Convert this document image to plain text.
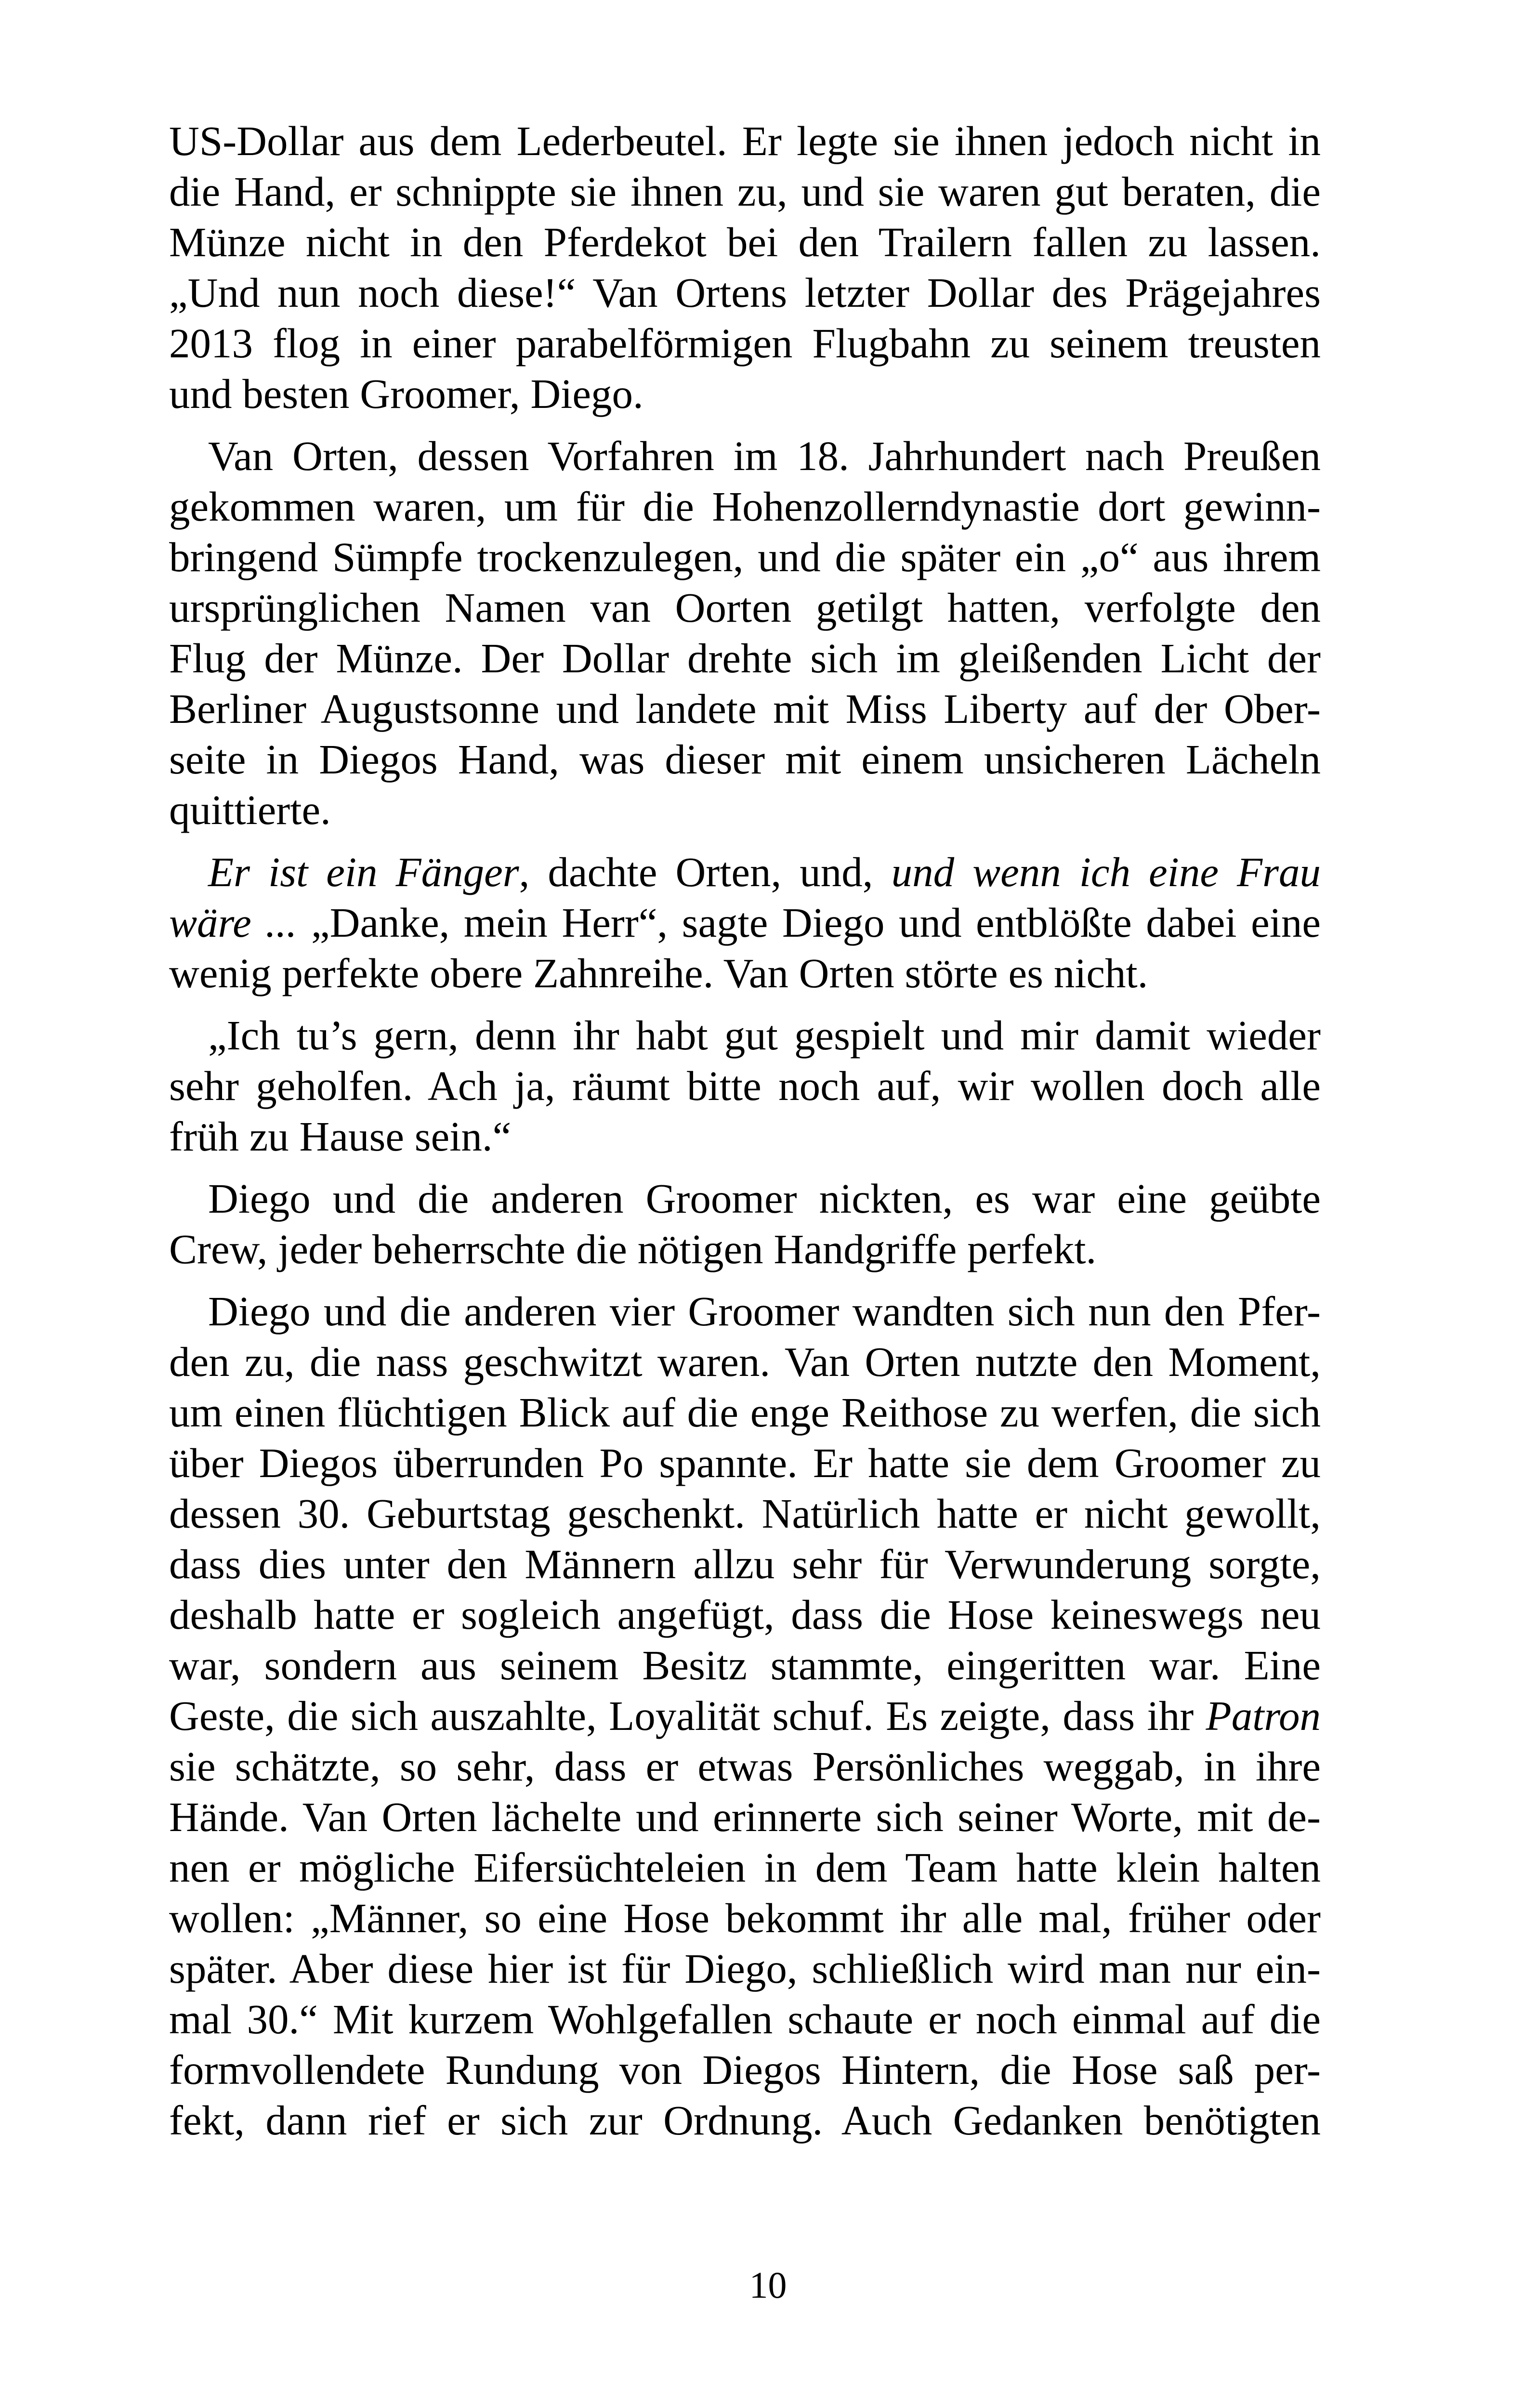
US-Dollar aus dem Lederbeutel. Er legte sie ihnen jedoch nicht in
die Hand, er schnippte sie ihnen zu, und sie waren gut beraten, die
Münze nicht in den Pferdekot bei den Trailern fallen zu lassen.
„Und nun noch diese!“ Van Ortens letzter Dollar des Prägejahres
2013 flog in einer parabelförmigen Flugbahn zu seinem treusten
und besten Groomer, Diego.
Van Orten, dessen Vorfahren im 18. Jahrhundert nach Preußen
gekommen waren, um für die Hohenzollerndynastie dort gewinn-
bringend Sümpfe trockenzulegen, und die später ein „o“ aus ihrem
ursprünglichen Namen van Oorten getilgt hatten, verfolgte den
Flug der Münze. Der Dollar drehte sich im gleißenden Licht der
Berliner Augustsonne und landete mit Miss Liberty auf der Ober-
seite in Diegos Hand, was dieser mit einem unsicheren Lächeln
quittierte.
Er ist ein Fänger, dachte Orten, und, und wenn ich eine Frau
wäre ... „Danke, mein Herr“, sagte Diego und entblößte dabei eine
wenig perfekte obere Zahnreihe. Van Orten störte es nicht.
„Ich tu’s gern, denn ihr habt gut gespielt und mir damit wieder
sehr geholfen. Ach ja, räumt bitte noch auf, wir wollen doch alle
früh zu Hause sein.“
Diego und die anderen Groomer nickten, es war eine geübte
Crew, jeder beherrschte die nötigen Handgriffe perfekt.
Diego und die anderen vier Groomer wandten sich nun den Pfer-
den zu, die nass geschwitzt waren. Van Orten nutzte den Moment,
um einen flüchtigen Blick auf die enge Reithose zu werfen, die sich
über Diegos überrunden Po spannte. Er hatte sie dem Groomer zu
dessen 30. Geburtstag geschenkt. Natürlich hatte er nicht gewollt,
dass dies unter den Männern allzu sehr für Verwunderung sorgte,
deshalb hatte er sogleich angefügt, dass die Hose keineswegs neu
war, sondern aus seinem Besitz stammte, eingeritten war. Eine
Geste, die sich auszahlte, Loyalität schuf. Es zeigte, dass ihr Patron
sie schätzte, so sehr, dass er etwas Persönliches weggab, in ihre
Hände. Van Orten lächelte und erinnerte sich seiner Worte, mit de-
nen er mögliche Eifersüchteleien in dem Team hatte klein halten
wollen: „Männer, so eine Hose bekommt ihr alle mal, früher oder
später. Aber diese hier ist für Diego, schließlich wird man nur ein-
mal 30.“ Mit kurzem Wohlgefallen schaute er noch einmal auf die
formvollendete Rundung von Diegos Hintern, die Hose saß per-
fekt, dann rief er sich zur Ordnung. Auch Gedanken benötigten
10
